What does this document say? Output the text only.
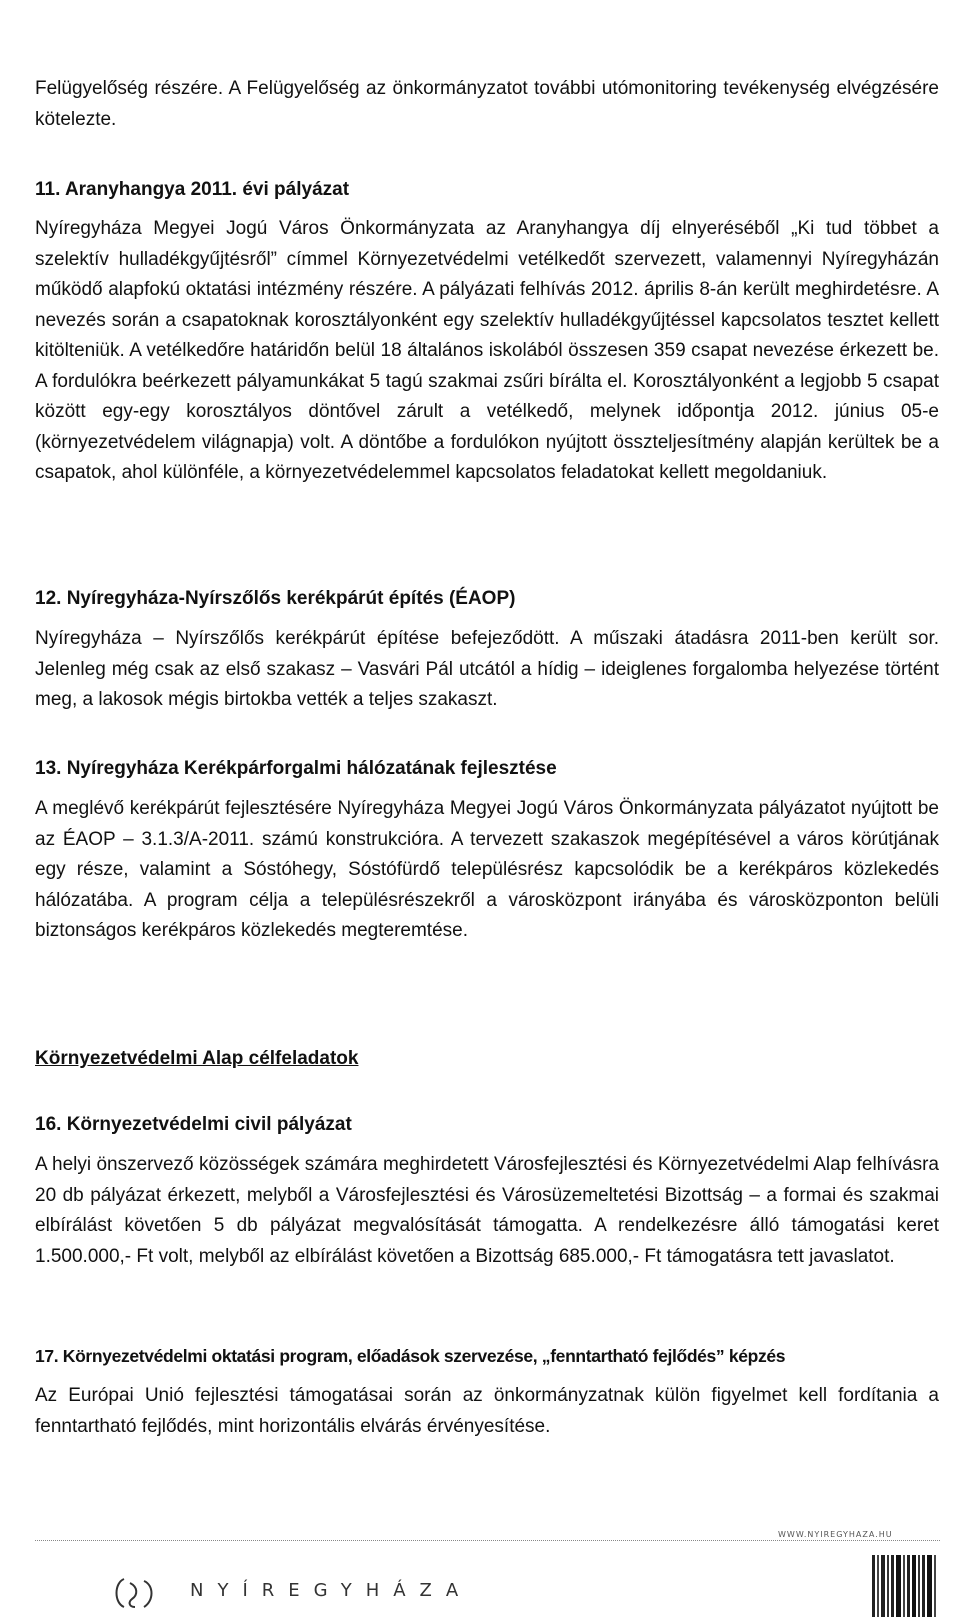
Felügyelőség részére. A Felügyelőség az önkormányzatot további utómonitoring tevékenység elvégzésére kötelezte.

11. Aranyhangya 2011. évi pályázat

Nyíregyháza Megyei Jogú Város Önkormányzata az Aranyhangya díj elnyeréséből „Ki tud többet a szelektív hulladékgyűjtésről” címmel Környezetvédelmi vetélkedőt szervezett, valamennyi Nyíregyházán működő alapfokú oktatási intézmény részére. A pályázati felhívás 2012. április 8-án került meghirdetésre. A nevezés során a csapatoknak korosztályonként egy szelektív hulladékgyűjtéssel kapcsolatos tesztet kellett kitölteniük. A vetélkedőre határidőn belül 18 általános iskolából összesen 359 csapat nevezése érkezett be. A fordulókra beérkezett pályamunkákat 5 tagú szakmai zsűri bírálta el. Korosztályonként a legjobb 5 csapat között egy-egy korosztályos döntővel zárult a vetélkedő, melynek időpontja 2012. június 05-e (környezetvédelem világnapja) volt. A döntőbe a fordulókon nyújtott összteljesítmény alapján kerültek be a csapatok, ahol különféle, a környezetvédelemmel kapcsolatos feladatokat kellett megoldaniuk.

12. Nyíregyháza-Nyírszőlős kerékpárút építés (ÉAOP)

Nyíregyháza – Nyírszőlős kerékpárút építése befejeződött. A műszaki átadásra 2011-ben került sor. Jelenleg még csak az első szakasz – Vasvári Pál utcától a hídig – ideiglenes forgalomba helyezése történt meg, a lakosok mégis birtokba vették a teljes szakaszt.

13. Nyíregyháza Kerékpárforgalmi hálózatának fejlesztése

A meglévő kerékpárút fejlesztésére Nyíregyháza Megyei Jogú Város Önkormányzata pályázatot nyújtott be az ÉAOP – 3.1.3/A-2011. számú konstrukcióra. A tervezett szakaszok megépítésével a város körútjának egy része, valamint a Sóstóhegy, Sóstófürdő településrész kapcsolódik be a kerékpáros közlekedés hálózatába. A program célja a településrészekről a városközpont irányába és városközponton belüli biztonságos kerékpáros közlekedés megteremtése.

Környezetvédelmi Alap célfeladatok
16. Környezetvédelmi civil pályázat

A helyi önszervező közösségek számára meghirdetett Városfejlesztési és Környezetvédelmi Alap felhívásra 20 db pályázat érkezett, melyből a Városfejlesztési és Városüzemeltetési Bizottság – a formai és szakmai elbírálást követően 5 db pályázat megvalósítását támogatta. A rendelkezésre álló támogatási keret 1.500.000,- Ft volt, melyből az elbírálást követően a Bizottság 685.000,- Ft támogatásra tett javaslatot.

17. Környezetvédelmi oktatási program, előadások szervezése, „fenntartható fejlődés” képzés

Az Európai Unió fejlesztési támogatásai során az önkormányzatnak külön figyelmet kell fordítania a fenntartható fejlődés, mint horizontális elvárás érvényesítése.

WWW.NYIREGYHAZA.HU
NYÍREGYHÁZA
